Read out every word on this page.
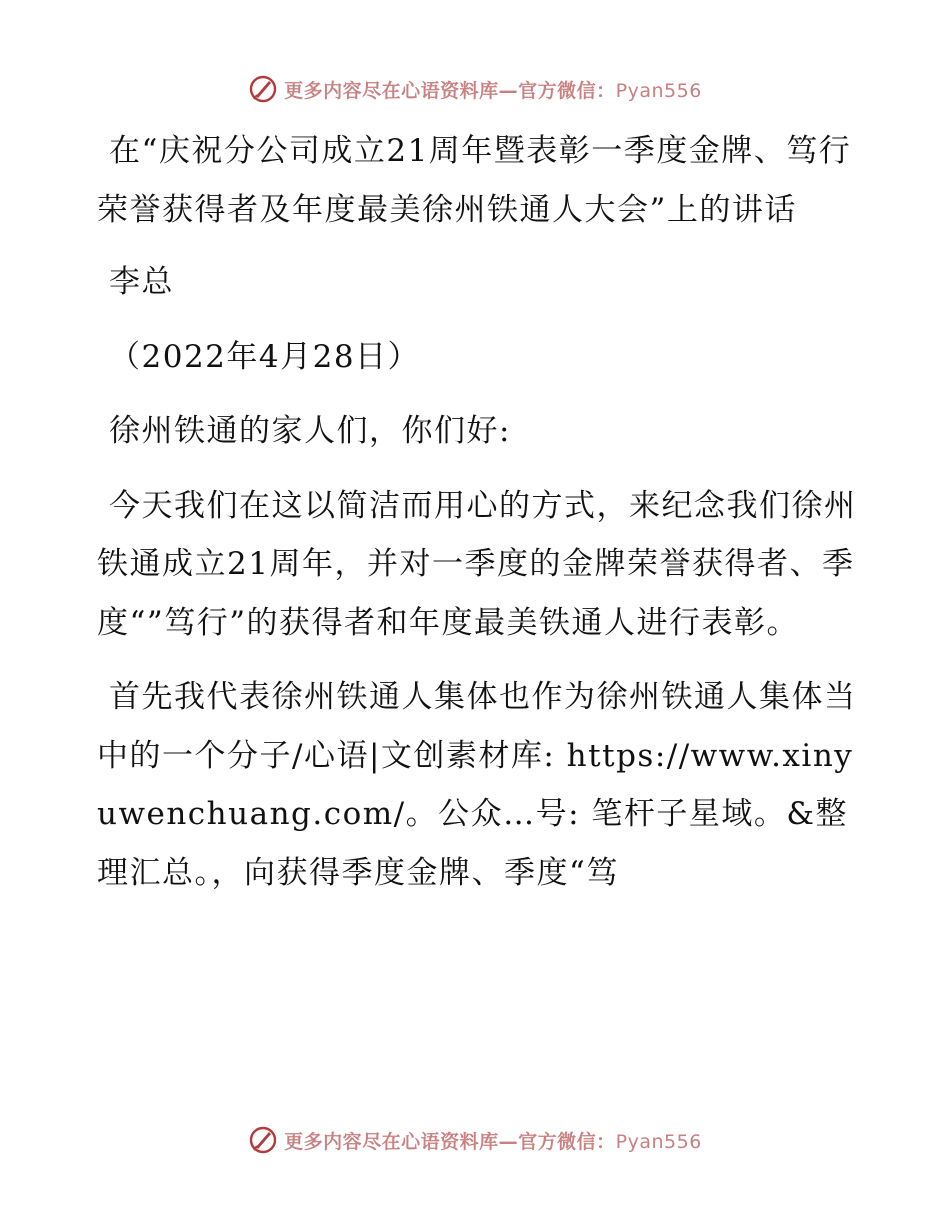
更多内容尽在心语资料库—官方微信：Pyan556

在“庆祝分公司成立21周年暨表彰一季度金牌、笃行荣誉获得者及年度最美徐州铁通人大会”上的讲话

李总

（2022年4月28日）

徐州铁通的家人们，你们好:

今天我们在这以简洁而用心的方式，来纪念我们徐州铁通成立21周年，并对一季度的金牌荣誉获得者、季度“”笃行”的获得者和年度最美铁通人进行表彰。

首先我代表徐州铁通人集体也作为徐州铁通人集体当中的一个分子/心语|文创素材库: https://www.xinyuwenchuang.com/。公众…号: 笔杆子星域。&整理汇总。，向获得季度金牌、季度“笃

更多内容尽在心语资料库—官方微信：Pyan556
